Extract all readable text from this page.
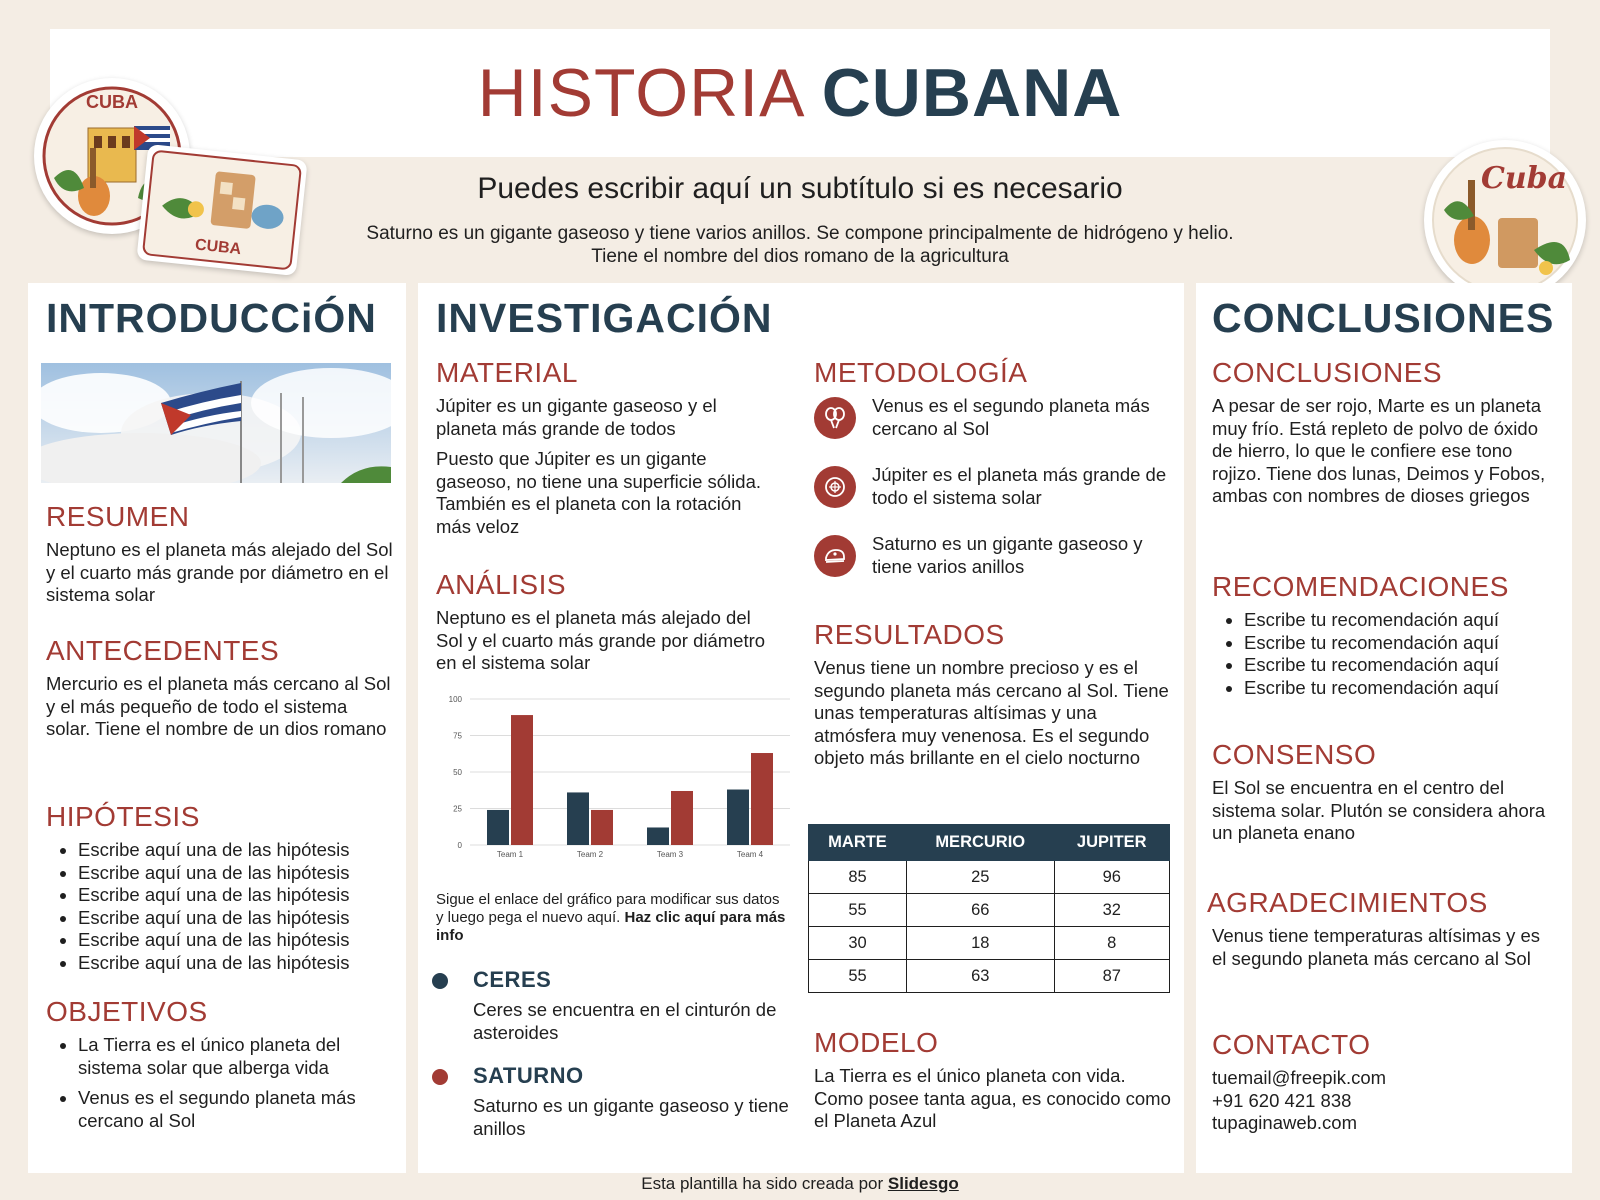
HISTORIA CUBANA
CUBA
CUBA
Cuba
Puedes escribir aquí un subtítulo si es necesario
Saturno es un gigante gaseoso y tiene varios anillos. Se compone principalmente de hidrógeno y helio. Tiene el nombre del dios romano de la agricultura
INTRODUCCiÓN
RESUMEN

Neptuno es el planeta más alejado del Sol y el cuarto más grande por diámetro en el sistema solar

ANTECEDENTES

Mercurio es el planeta más cercano al Sol y el más pequeño de todo el sistema solar. Tiene el nombre de un dios romano

HIPÓTESIS
• Escribe aquí una de las hipótesis
• Escribe aquí una de las hipótesis
• Escribe aquí una de las hipótesis
• Escribe aquí una de las hipótesis
• Escribe aquí una de las hipótesis
• Escribe aquí una de las hipótesis
OBJETIVOS
• La Tierra es el único planeta del sistema solar que alberga vida
• Venus es el segundo planeta más cercano al Sol
INVESTIGACIÓN
MATERIAL

Júpiter es un gigante gaseoso y el planeta más grande de todos

Puesto que Júpiter es un gigante gaseoso, no tiene una superficie sólida. También es el planeta con la rotación más veloz

ANÁLISIS

Neptuno es el planeta más alejado del Sol y el cuarto más grande por diámetro en el sistema solar

0
25
50
75
100
Team 1	Team 2	Team 3	Team 4
Sigue el enlace del gráfico para modificar sus datos y luego pega el nuevo aquí. Haz clic aquí para más info
CERES
Ceres se encuentra en el cinturón de asteroides
SATURNO
Saturno es un gigante gaseoso y tiene anillos
METODOLOGÍA
Venus es el segundo planeta más cercano al Sol
Júpiter es el planeta más grande de todo el sistema solar
Saturno es un gigante gaseoso y tiene varios anillos
RESULTADOS

Venus tiene un nombre precioso y es el segundo planeta más cercano al Sol. Tiene unas temperaturas altísimas y una atmósfera muy venenosa. Es el segundo objeto más brillante en el cielo nocturno

MARTE	MERCURIO	JUPITER
85	25	96
55	66	32
30	18	8
55	63	87
MODELO

La Tierra es el único planeta con vida. Como posee tanta agua, es conocido como el Planeta Azul

CONCLUSIONES
CONCLUSIONES

A pesar de ser rojo, Marte es un planeta muy frío. Está repleto de polvo de óxido de hierro, lo que le confiere ese tono rojizo. Tiene dos lunas, Deimos y Fobos, ambas con nombres de dioses griegos

RECOMENDACIONES
• Escribe tu recomendación aquí
• Escribe tu recomendación aquí
• Escribe tu recomendación aquí
• Escribe tu recomendación aquí
CONSENSO

El Sol se encuentra en el centro del sistema solar. Plutón se considera ahora un planeta enano

AGRADECIMIENTOS

Venus tiene temperaturas altísimas y es el segundo planeta más cercano al Sol

CONTACTO

tuemail@freepik.com

+91 620 421 838

tupaginaweb.com

Esta plantilla ha sido creada por Slidesgo
